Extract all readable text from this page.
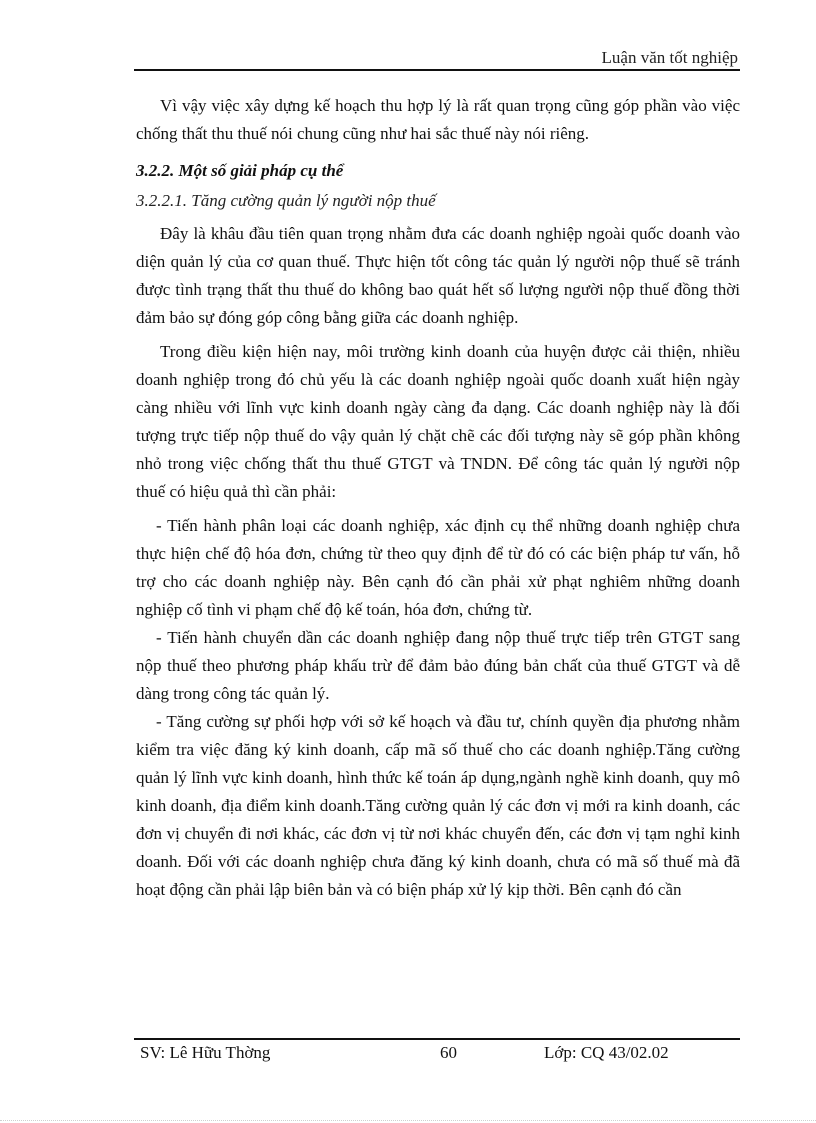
Luận văn tốt nghiệp

Vì vậy việc xây dựng kế hoạch thu hợp lý là rất quan trọng cũng góp phần vào việc chống thất thu thuế nói chung cũng như hai sắc thuế này nói riêng.

3.2.2. Một số giải pháp cụ thể

3.2.2.1. Tăng cường quản lý người nộp thuế

Đây là khâu đầu tiên quan trọng nhằm đưa các doanh nghiệp ngoài quốc doanh vào diện quản lý của cơ quan thuế. Thực hiện tốt công tác quản lý người nộp thuế sẽ tránh được tình trạng thất thu thuế do không bao quát hết số lượng người nộp thuế đồng thời đảm bảo sự đóng góp công bằng giữa các doanh nghiệp.

Trong điều kiện hiện nay, môi trường kinh doanh của huyện được cải thiện, nhiều doanh nghiệp trong đó chủ yếu là các doanh nghiệp ngoài quốc doanh xuất hiện ngày càng nhiều với lĩnh vực kinh doanh ngày càng đa dạng. Các doanh nghiệp này là đối tượng trực tiếp nộp thuế do vậy quản lý chặt chẽ các đối tượng này sẽ góp phần không nhỏ trong việc chống thất thu thuế GTGT và TNDN. Để công tác quản lý người nộp thuế có hiệu quả thì cần phải:

- Tiến hành phân loại các doanh nghiệp, xác định cụ thể những doanh nghiệp chưa thực hiện chế độ hóa đơn, chứng từ theo quy định để từ đó có các biện pháp tư vấn, hỗ trợ cho các doanh nghiệp này. Bên cạnh đó cần phải xử phạt nghiêm những doanh nghiệp cố tình vi phạm chế độ kế toán, hóa đơn, chứng từ.

- Tiến hành chuyển dần các doanh nghiệp đang nộp thuế trực tiếp trên GTGT sang nộp thuế theo phương pháp khấu trừ để đảm bảo đúng bản chất của thuế GTGT và dễ dàng trong công tác quản lý.

- Tăng cường sự phối hợp với sở kế hoạch và đầu tư, chính quyền địa phương nhằm kiểm tra việc đăng ký kinh doanh, cấp mã số thuế cho các doanh nghiệp.Tăng cường quản lý lĩnh vực kinh doanh, hình thức kế toán áp dụng,ngành nghề kinh doanh, quy mô kinh doanh, địa điểm kinh doanh.Tăng cường quản lý các đơn vị mới ra kinh doanh, các đơn vị chuyển đi nơi khác, các đơn vị từ nơi khác chuyển đến, các đơn vị tạm nghỉ kinh doanh. Đối với các doanh nghiệp chưa đăng ký kinh doanh, chưa có mã số thuế mà đã hoạt động cần phải lập biên bản và có biện pháp xử lý kịp thời. Bên cạnh đó cần

SV: Lê Hữu Thờng	60	Lớp: CQ 43/02.02
